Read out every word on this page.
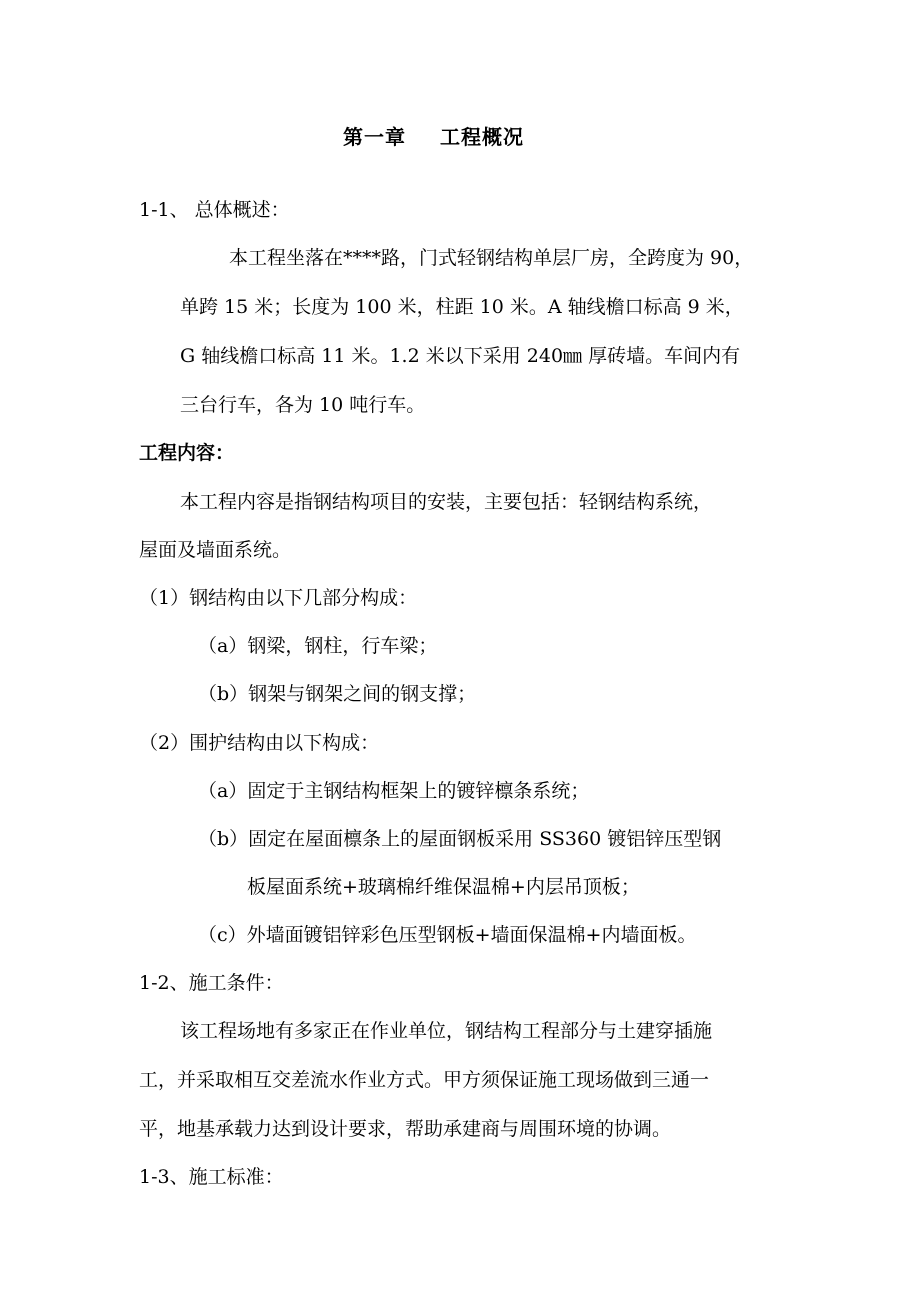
第一章 工程概况
1-1、 总体概述：
本工程坐落在****路，门式轻钢结构单层厂房，全跨度为 90，
单跨 15 米；长度为 100 米，柱距 10 米。A 轴线檐口标高 9 米，
G 轴线檐口标高 11 米。1.2 米以下采用 240㎜ 厚砖墙。车间内有
三台行车，各为 10 吨行车。
工程内容：
本工程内容是指钢结构项目的安装，主要包括：轻钢结构系统，
屋面及墙面系统。
（1）钢结构由以下几部分构成：
（a）钢梁，钢柱，行车梁；
（b）钢架与钢架之间的钢支撑；
（2）围护结构由以下构成：
（a）固定于主钢结构框架上的镀锌檩条系统；
（b）固定在屋面檩条上的屋面钢板采用 SS360 镀铝锌压型钢
板屋面系统+玻璃棉纤维保温棉+内层吊顶板；
（c）外墙面镀铝锌彩色压型钢板+墙面保温棉+内墙面板。
1-2、施工条件：
该工程场地有多家正在作业单位，钢结构工程部分与土建穿插施
工，并采取相互交差流水作业方式。甲方须保证施工现场做到三通一
平，地基承载力达到设计要求，帮助承建商与周围环境的协调。
1-3、施工标准：
